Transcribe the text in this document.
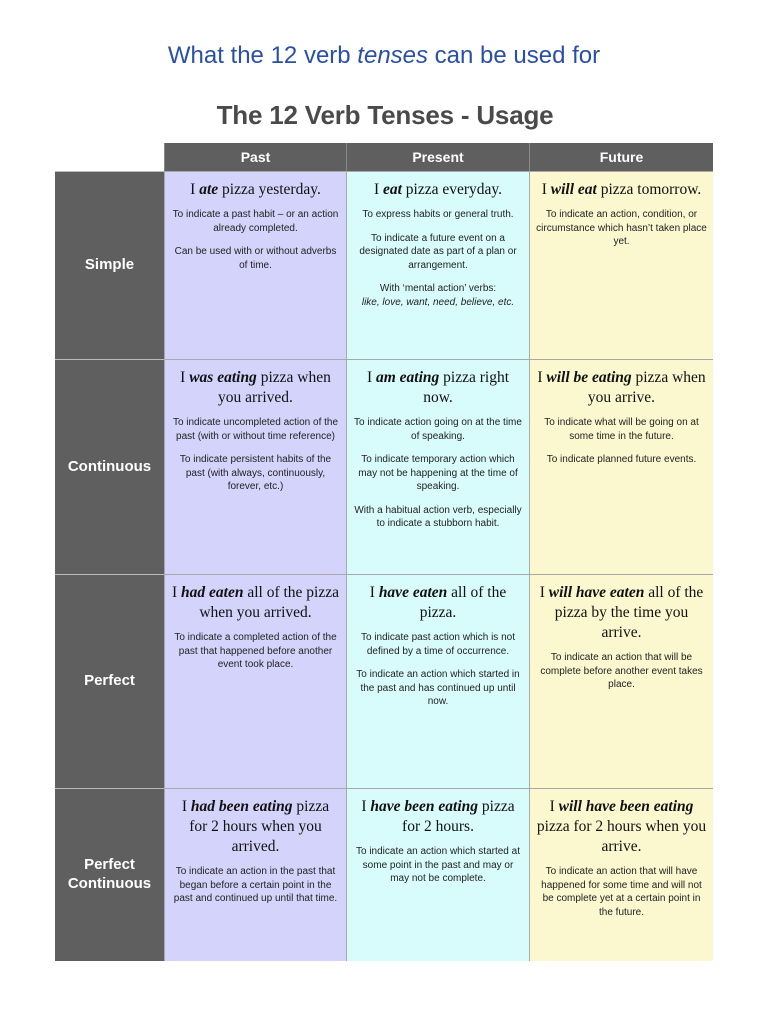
What the 12 verb tenses can be used for
The 12 Verb Tenses - Usage
Past	Present	Future
Simple
I ate pizza yesterday.
To indicate a past habit – or an action already completed.
Can be used with or without adverbs of time.
I eat pizza everyday.
To express habits or general truth.
To indicate a future event on a designated date as part of a plan or arrangement.
With ‘mental action’ verbs:
like, love, want, need, believe, etc.
I will eat pizza tomorrow.
To indicate an action, condition, or circumstance which hasn’t taken place yet.
Continuous
I was eating pizza when you arrived.
To indicate uncompleted action of the past (with or without time reference)
To indicate persistent habits of the past (with always, continuously, forever, etc.)
I am eating pizza right now.
To indicate action going on at the time of speaking.
To indicate temporary action which may not be happening at the time of speaking.
With a habitual action verb, especially to indicate a stubborn habit.
I will be eating pizza when you arrive.
To indicate what will be going on at some time in the future.
To indicate planned future events.
Perfect
I had eaten all of the pizza when you arrived.
To indicate a completed action of the past that happened before another event took place.
I have eaten all of the pizza.
To indicate past action which is not defined by a time of occurrence.
To indicate an action which started in the past and has continued up until now.
I will have eaten all of the pizza by the time you arrive.
To indicate an action that will be complete before another event takes place.
Perfect Continuous
I had been eating pizza for 2 hours when you arrived.
To indicate an action in the past that began before a certain point in the past and continued up until that time.
I have been eating pizza for 2 hours.
To indicate an action which started at some point in the past and may or may not be complete.
I will have been eating pizza for 2 hours when you arrive.
To indicate an action that will have happened for some time and will not be complete yet at a certain point in the future.
